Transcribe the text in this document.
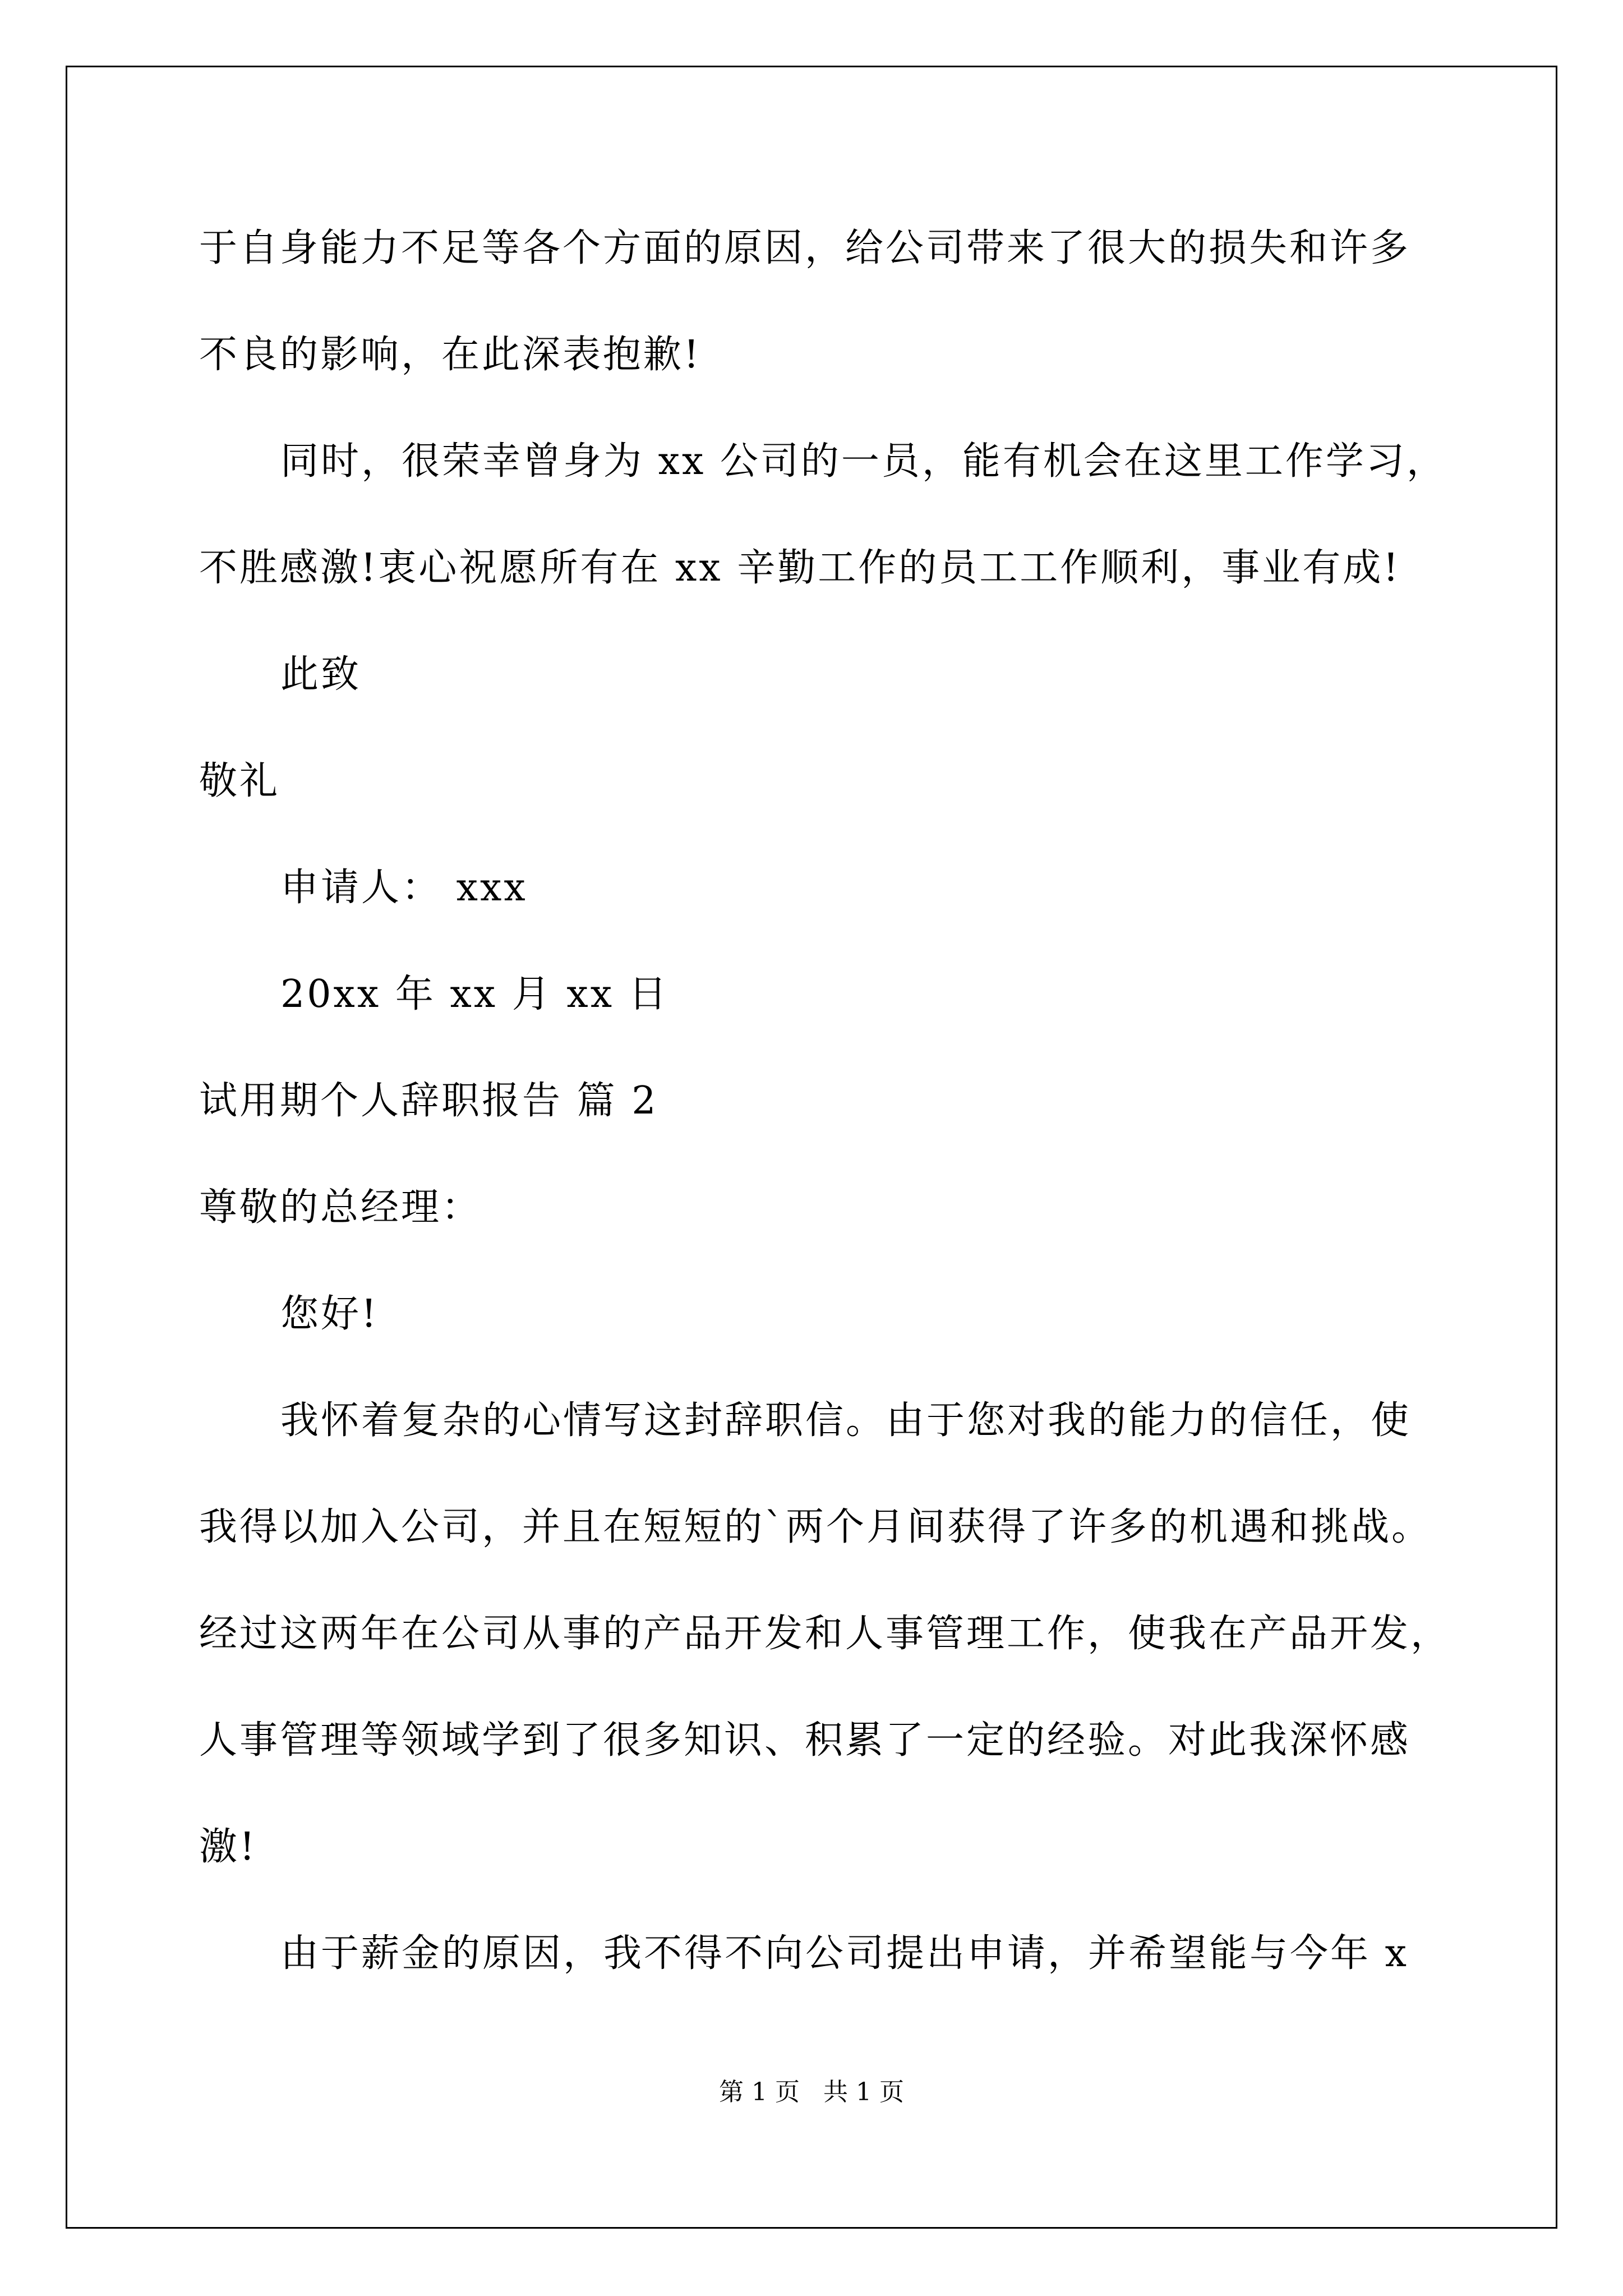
于自身能力不足等各个方面的原因，给公司带来了很大的损失和许多
不良的影响，在此深表抱歉!
同时，很荣幸曾身为 xx 公司的一员，能有机会在这里工作学习，
不胜感激!衷心祝愿所有在 xx 辛勤工作的员工工作顺利，事业有成!
此致
敬礼
申请人： xxx
20xx 年 xx 月 xx 日
试用期个人辞职报告 篇 2
尊敬的总经理：
您好!
我怀着复杂的心情写这封辞职信。由于您对我的能力的信任，使
我得以加入公司，并且在短短的`两个月间获得了许多的机遇和挑战。
经过这两年在公司从事的产品开发和人事管理工作，使我在产品开发，
人事管理等领域学到了很多知识、积累了一定的经验。对此我深怀感
激!
由于薪金的原因，我不得不向公司提出申请，并希望能与今年 x
第 1 页   共 1 页
